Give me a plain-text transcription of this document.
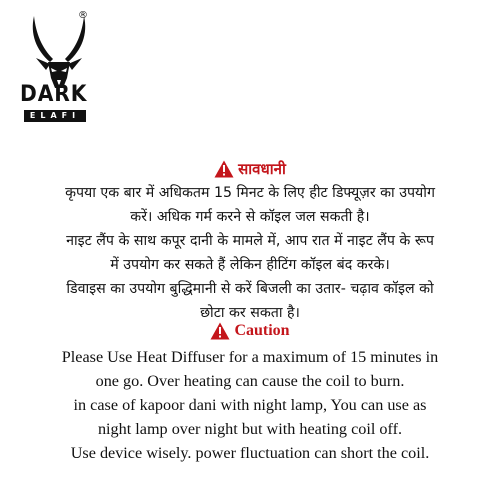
®
DARK
ELAFI
सावधानी
कृपया एक बार में अधिकतम 15 मिनट के लिए हीट डिफ्यूज़र का उपयोग
करें। अधिक गर्म करने से कॉइल जल सकती है।
नाइट लैंप के साथ कपूर दानी के मामले में, आप रात में नाइट लैंप के रूप
में उपयोग कर सकते हैं लेकिन हीटिंग कॉइल बंद करके।
डिवाइस का उपयोग बुद्धिमानी से करें बिजली का उतार- चढ़ाव कॉइल को
छोटा कर सकता है।
Caution
Please Use Heat Diffuser for a maximum of 15 minutes in
one go. Over heating can cause the coil to burn.
in case of kapoor dani with night lamp, You can use as
night lamp over night but with heating coil off.
Use device wisely. power fluctuation can short the coil.
